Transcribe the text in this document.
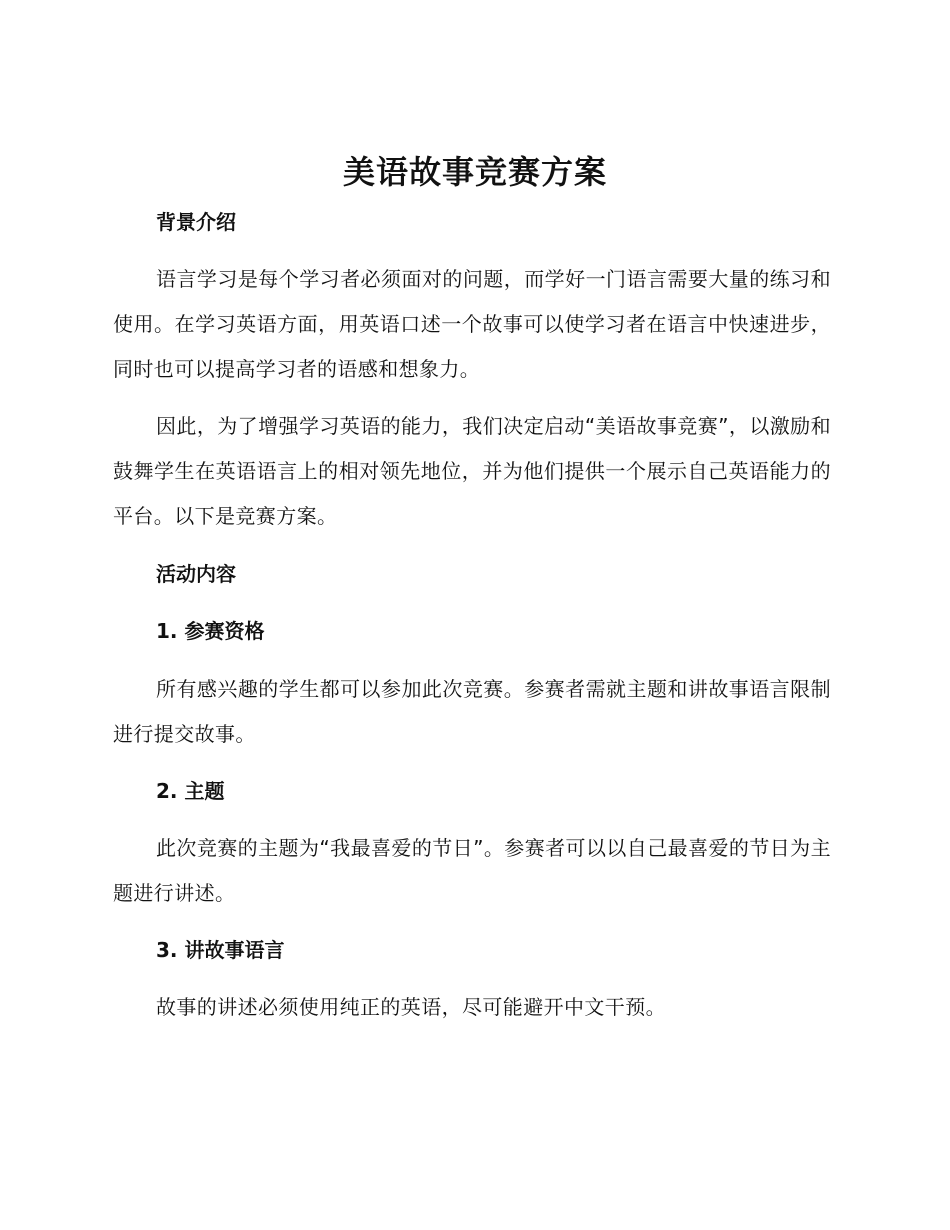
美语故事竞赛方案
背景介绍

语言学习是每个学习者必须面对的问题，而学好一门语言需要大量的练习和使用。在学习英语方面，用英语口述一个故事可以使学习者在语言中快速进步，同时也可以提高学习者的语感和想象力。

因此，为了增强学习英语的能力，我们决定启动“美语故事竞赛”，以激励和鼓舞学生在英语语言上的相对领先地位，并为他们提供一个展示自己英语能力的平台。以下是竞赛方案。

活动内容
1. 参赛资格

所有感兴趣的学生都可以参加此次竞赛。参赛者需就主题和讲故事语言限制进行提交故事。

2. 主题

此次竞赛的主题为“我最喜爱的节日”。参赛者可以以自己最喜爱的节日为主题进行讲述。

3. 讲故事语言

故事的讲述必须使用纯正的英语，尽可能避开中文干预。
